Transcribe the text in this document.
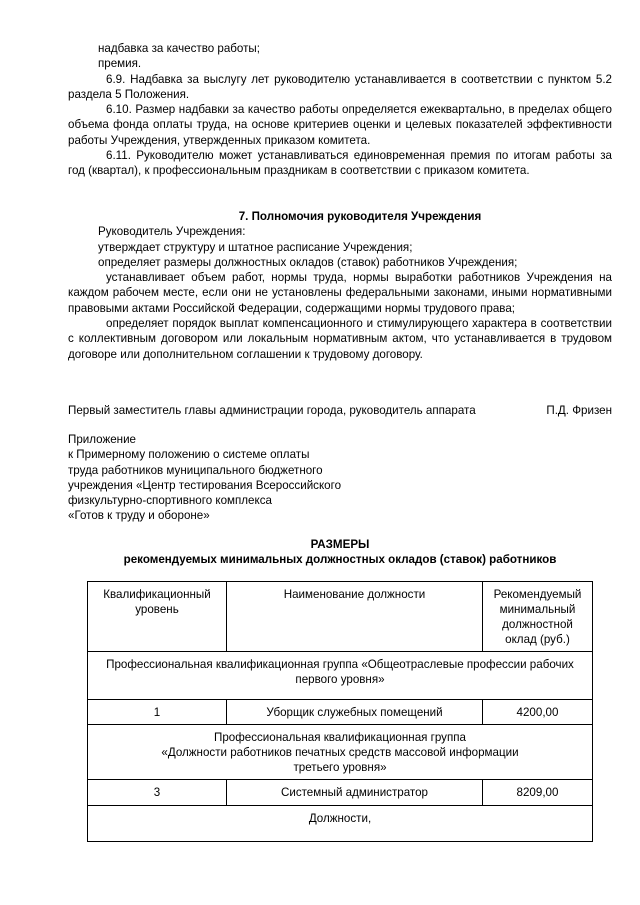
надбавка за качество работы;

премия.

6.9. Надбавка за выслугу лет руководителю устанавливается в соответствии с пунктом 5.2 раздела 5 Положения.

6.10. Размер надбавки за качество работы определяется ежеквартально, в пределах общего объема фонда оплаты труда, на основе критериев оценки и целевых показателей эффективности работы Учреждения, утвержденных приказом комитета.

6.11. Руководителю может устанавливаться единовременная премия по итогам работы за год (квартал), к профессиональным праздникам в соответствии с приказом комитета.

7. Полномочия руководителя Учреждения

Руководитель Учреждения:

утверждает структуру и штатное расписание Учреждения;

определяет размеры должностных окладов (ставок) работников Учреждения;

устанавливает объем работ, нормы труда, нормы выработки работников Учреждения на каждом рабочем месте, если они не установлены федеральными законами, иными нормативными правовыми актами Российской Федерации, содержащими нормы трудового права;

определяет порядок выплат компенсационного и стимулирующего характера в соответствии с коллективным договором или локальным нормативным актом, что устанавливается в трудовом договоре или дополнительном соглашении к трудовому договору.

Первый заместитель главы администрации города, руководитель аппарата	П.Д. Фризен

Приложение

к Примерному положению о системе оплаты

труда работников муниципального бюджетного

учреждения «Центр тестирования Всероссийского

физкультурно-спортивного комплекса

«Готов к труду и обороне»

РАЗМЕРЫ

рекомендуемых минимальных должностных окладов (ставок) работников

Квалификационный уровень	Наименование должности	Рекомендуемый минимальный должностной оклад (руб.)
Профессиональная квалификационная группа «Общеотраслевые профессии рабочих первого уровня»		
1	Уборщик служебных помещений	4200,00

Профессиональная квалификационная группа

«Должности работников печатных средств массовой информации

третьего уровня»		

3	Системный администратор	8209,00
Должности,		
